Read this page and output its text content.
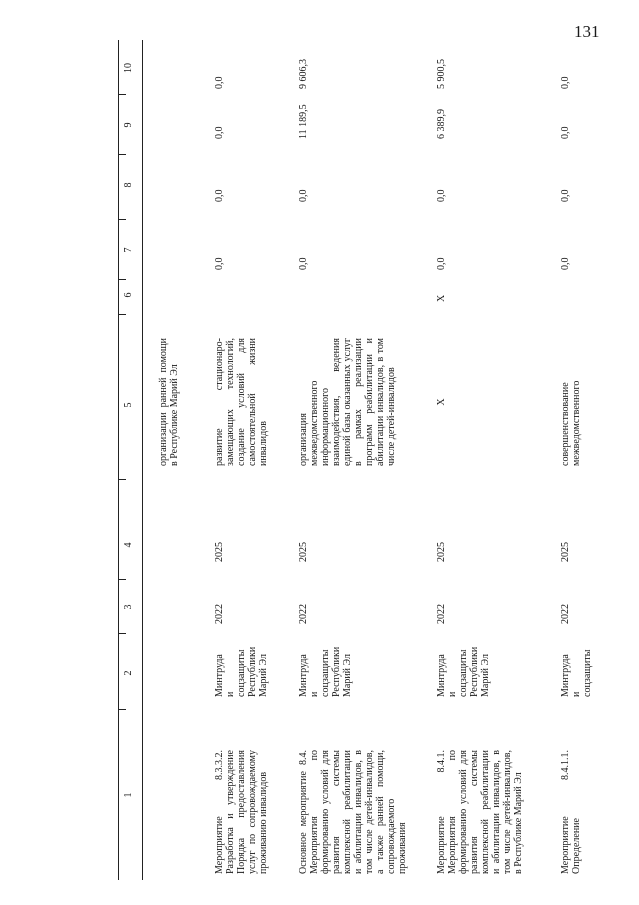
131
1
2
3
4
5
6
7
8
9
10
организации ранней помощи в Республике Марий Эл
Мероприятие 8.3.3.2. Разработка и утверждение Порядка предоставления услуг по сопровождаемому проживанию инвалидов
Минтруда и соцзащиты Республики Марий Эл
2022
2025
развитие стационаро-замещающих технологий, создание условий для самостоятельной жизни инвалидов
0,0
0,0
0,0
0,0
Основное мероприятие 8.4. Мероприятия по формированию условий для развития системы комплексной реабилитации и абилитации инвалидов, в том числе детей-инвалидов, а также ранней помощи, сопровождаемого проживания
Минтруда и соцзащиты Республики Марий Эл
2022
2025
организация межведомственного информационного взаимодействия, ведения единой базы оказанных услуг в рамках реализации программ реабилитации и абилитации инвалидов, в том числе детей-инвалидов
0,0
0,0
11 189,5
9 606,3
Мероприятие 8.4.1. Мероприятия по формированию условий для развития системы комплексной реабилитации и абилитации инвалидов, в том числе детей-инвалидов, в Республике Марий Эл
Минтруда и соцзащиты Республики Марий Эл
2022
2025
X
X
0,0
0,0
6 389,9
5 900,5
Мероприятие 8.4.1.1. Определение
Минтруда и соцзащиты
2022
2025
совершенствование межведомственного
0,0
0,0
0,0
0,0
